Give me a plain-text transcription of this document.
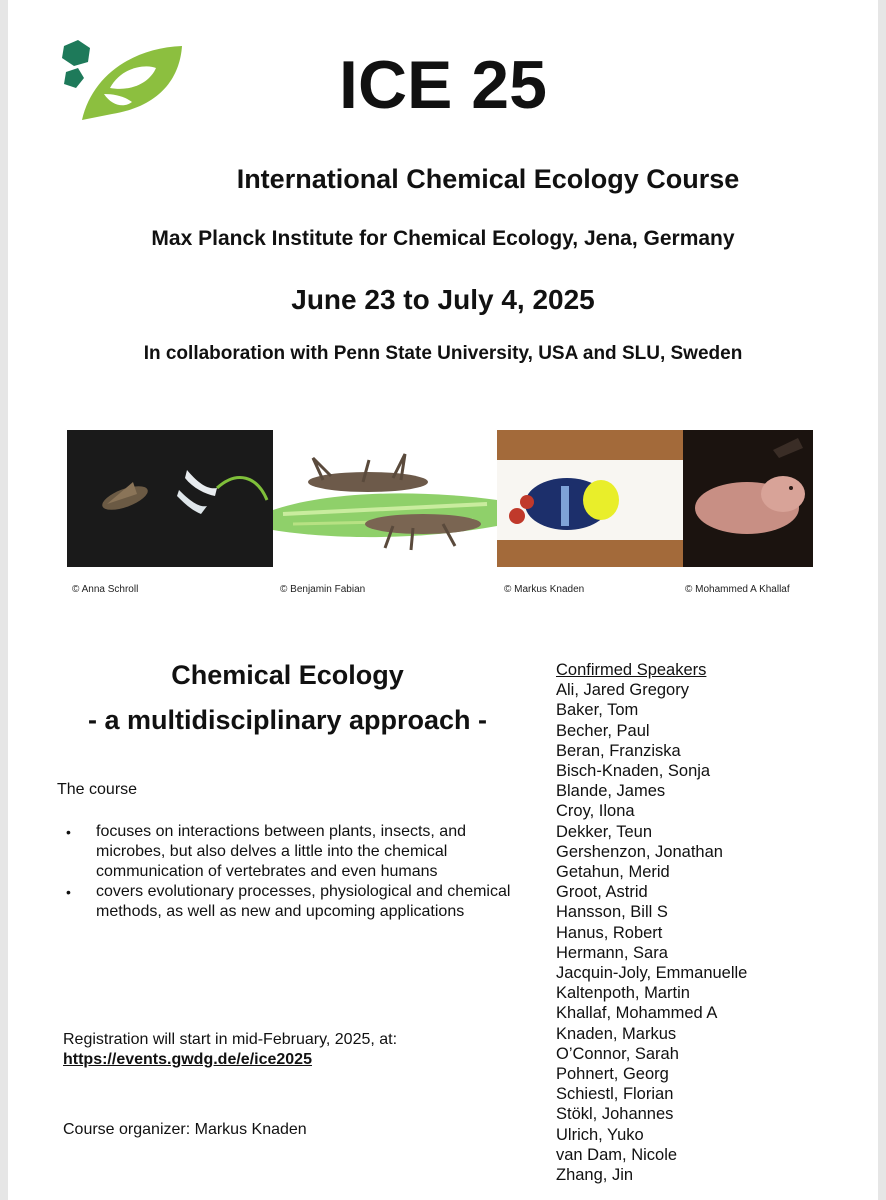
ICE 25
International Chemical Ecology Course
Max Planck Institute for Chemical Ecology, Jena, Germany
June 23 to July 4, 2025
In collaboration with Penn State University, USA and SLU, Sweden
© Anna Schroll	© Benjamin Fabian	© Markus Knaden	© Mohammed A Khallaf
Chemical Ecology
- a multidisciplinary approach -
The course
• focuses on interactions between plants, insects, and microbes, but also delves a little into the chemical communication of vertebrates and even humans
• covers evolutionary processes, physiological and chemical methods, as well as new and upcoming applications
Registration will start in mid-February, 2025, at:
https://events.gwdg.de/e/ice2025
Course organizer: Markus Knaden
Confirmed Speakers
Ali, Jared Gregory
Baker, Tom
Becher, Paul
Beran, Franziska
Bisch-Knaden, Sonja
Blande, James
Croy, Ilona
Dekker, Teun
Gershenzon, Jonathan
Getahun, Merid
Groot, Astrid
Hansson, Bill S
Hanus, Robert
Hermann, Sara
Jacquin-Joly, Emmanuelle
Kaltenpoth, Martin
Khallaf, Mohammed A
Knaden, Markus
O’Connor, Sarah
Pohnert, Georg
Schiestl, Florian
Stökl, Johannes
Ulrich, Yuko
van Dam, Nicole
Zhang, Jin
